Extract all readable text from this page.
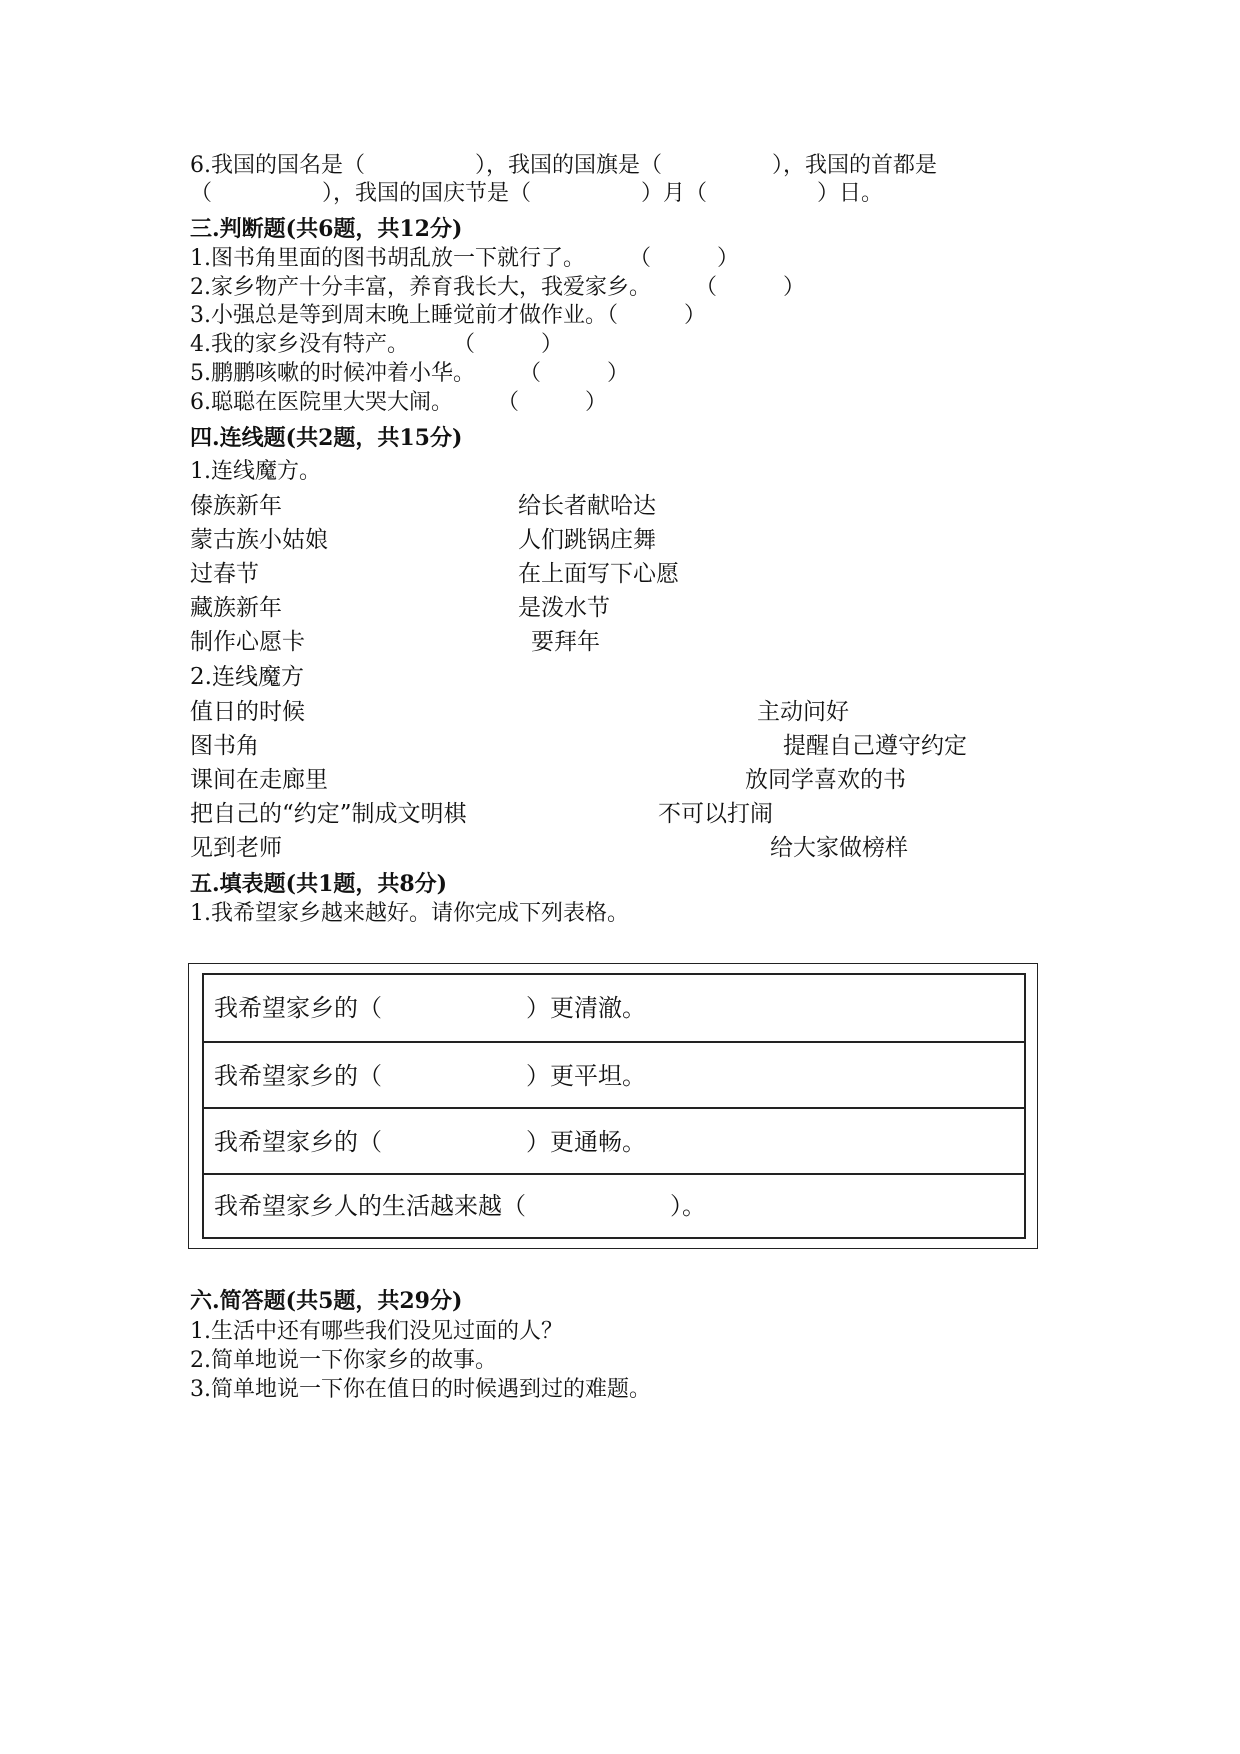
6.我国的国名是（　　　　　），我国的国旗是（　　　　　），我国的首都是
（　　　　　），我国的国庆节是（　　　　　）月（　　　　　）日。
三.判断题(共6题，共12分)
1.图书角里面的图书胡乱放一下就行了。　　　（　　　）
2.家乡物产十分丰富，养育我长大，我爱家乡。　　　（　　　）
3.小强总是等到周末晚上睡觉前才做作业。（　　　）
4.我的家乡没有特产。　　　（　　　）
5.鹏鹏咳嗽的时候冲着小华。　　　（　　　）
6.聪聪在医院里大哭大闹。　　　（　　　）
四.连线题(共2题，共15分)
1.连线魔方。
傣族新年
蒙古族小姑娘
过春节
藏族新年
制作心愿卡
给长者献哈达
人们跳锅庄舞
在上面写下心愿
是泼水节
要拜年
2.连线魔方
值日的时候
图书角
课间在走廊里
把自己的“约定”制成文明棋
见到老师
主动问好
提醒自己遵守约定
放同学喜欢的书
不可以打闹
给大家做榜样
五.填表题(共1题，共8分)
1.我希望家乡越来越好。请你完成下列表格。
我希望家乡的（　　　　　　）更清澈。
我希望家乡的（　　　　　　）更平坦。
我希望家乡的（　　　　　　）更通畅。
我希望家乡人的生活越来越（　　　　　　）。
六.简答题(共5题，共29分)
1.生活中还有哪些我们没见过面的人？
2.简单地说一下你家乡的故事。
3.简单地说一下你在值日的时候遇到过的难题。
